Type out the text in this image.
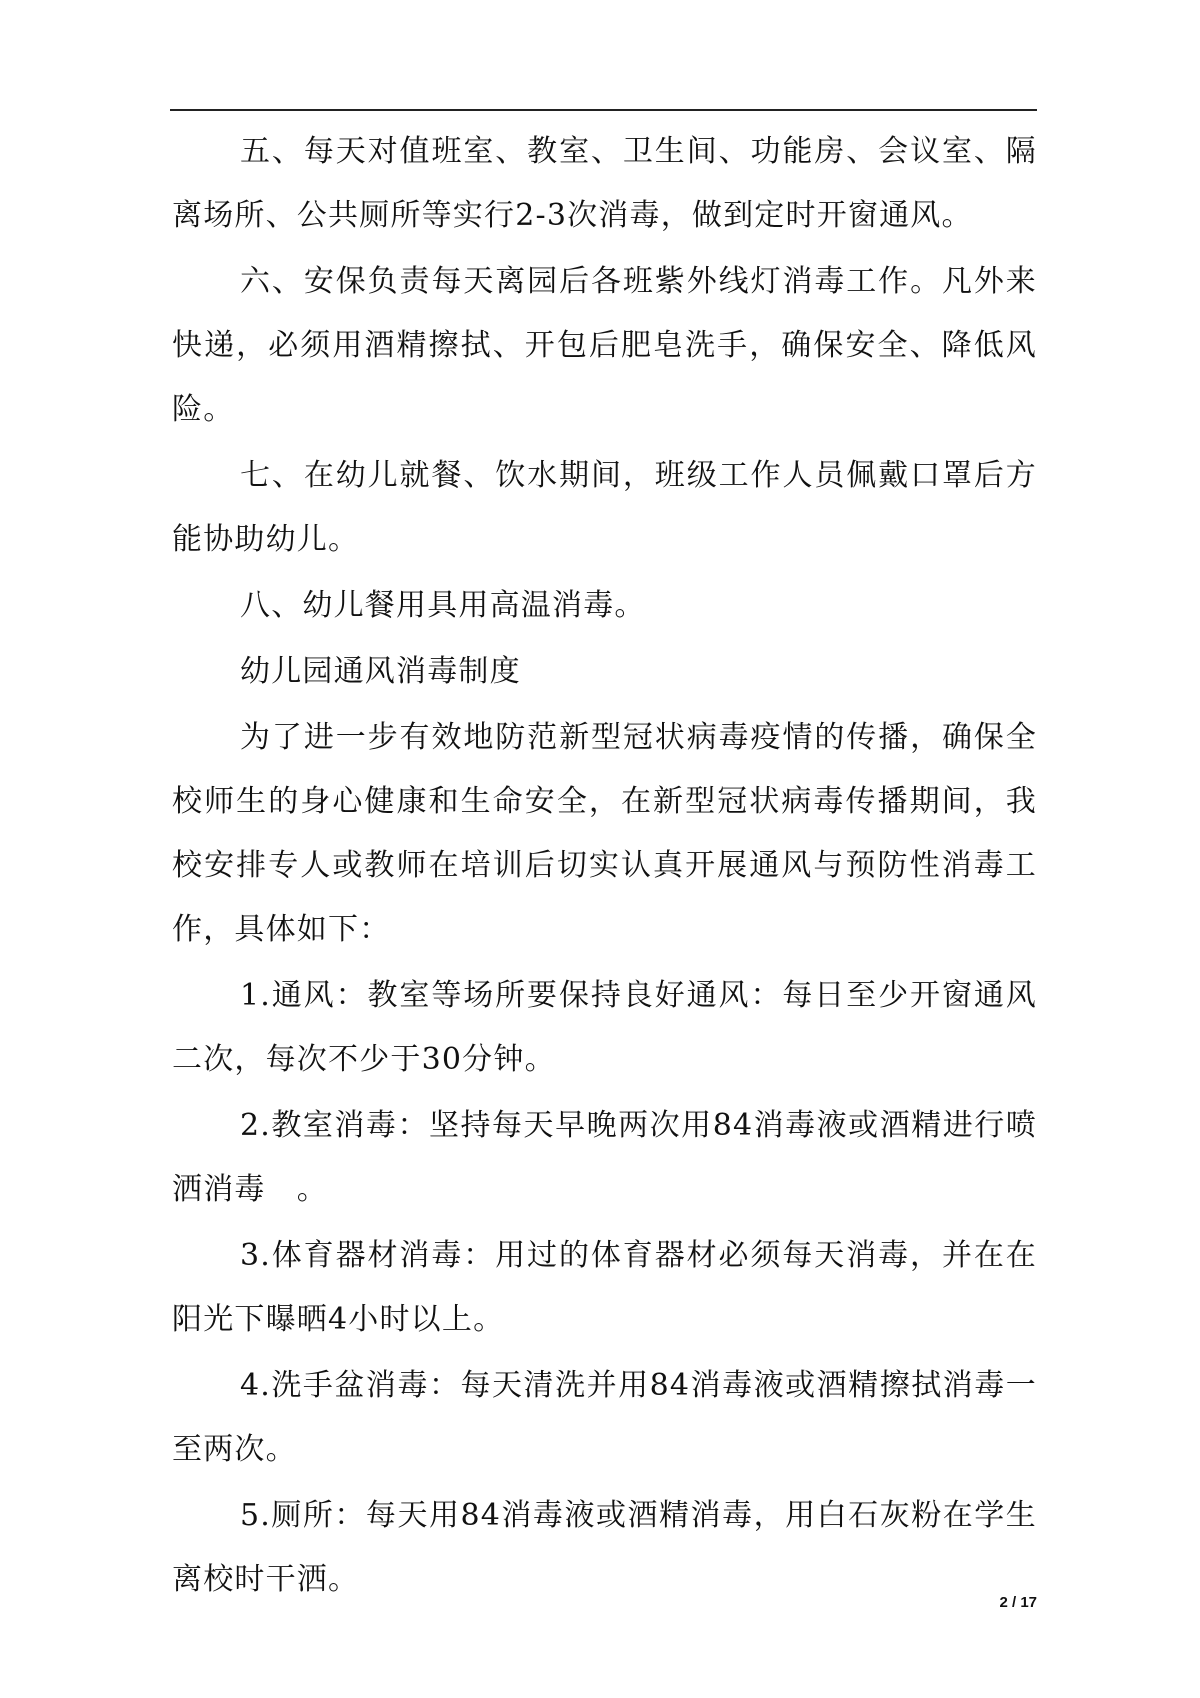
五、每天对值班室、教室、卫生间、功能房、会议室、隔离场所、公共厕所等实行2-3次消毒，做到定时开窗通风。

六、安保负责每天离园后各班紫外线灯消毒工作。凡外来快递，必须用酒精擦拭、开包后肥皂洗手，确保安全、降低风险。

七、在幼儿就餐、饮水期间，班级工作人员佩戴口罩后方能协助幼儿。

八、幼儿餐用具用高温消毒。

幼儿园通风消毒制度

为了进一步有效地防范新型冠状病毒疫情的传播，确保全校师生的身心健康和生命安全，在新型冠状病毒传播期间，我校安排专人或教师在培训后切实认真开展通风与预防性消毒工作，具体如下：

1.通风：教室等场所要保持良好通风：每日至少开窗通风二次，每次不少于30分钟。

2.教室消毒：坚持每天早晚两次用84消毒液或酒精进行喷洒消毒　。

3.体育器材消毒：用过的体育器材必须每天消毒，并在在阳光下曝晒4小时以上。

4.洗手盆消毒：每天清洗并用84消毒液或酒精擦拭消毒一至两次。

5.厕所：每天用84消毒液或酒精消毒，用白石灰粉在学生离校时干洒。

2 / 17
